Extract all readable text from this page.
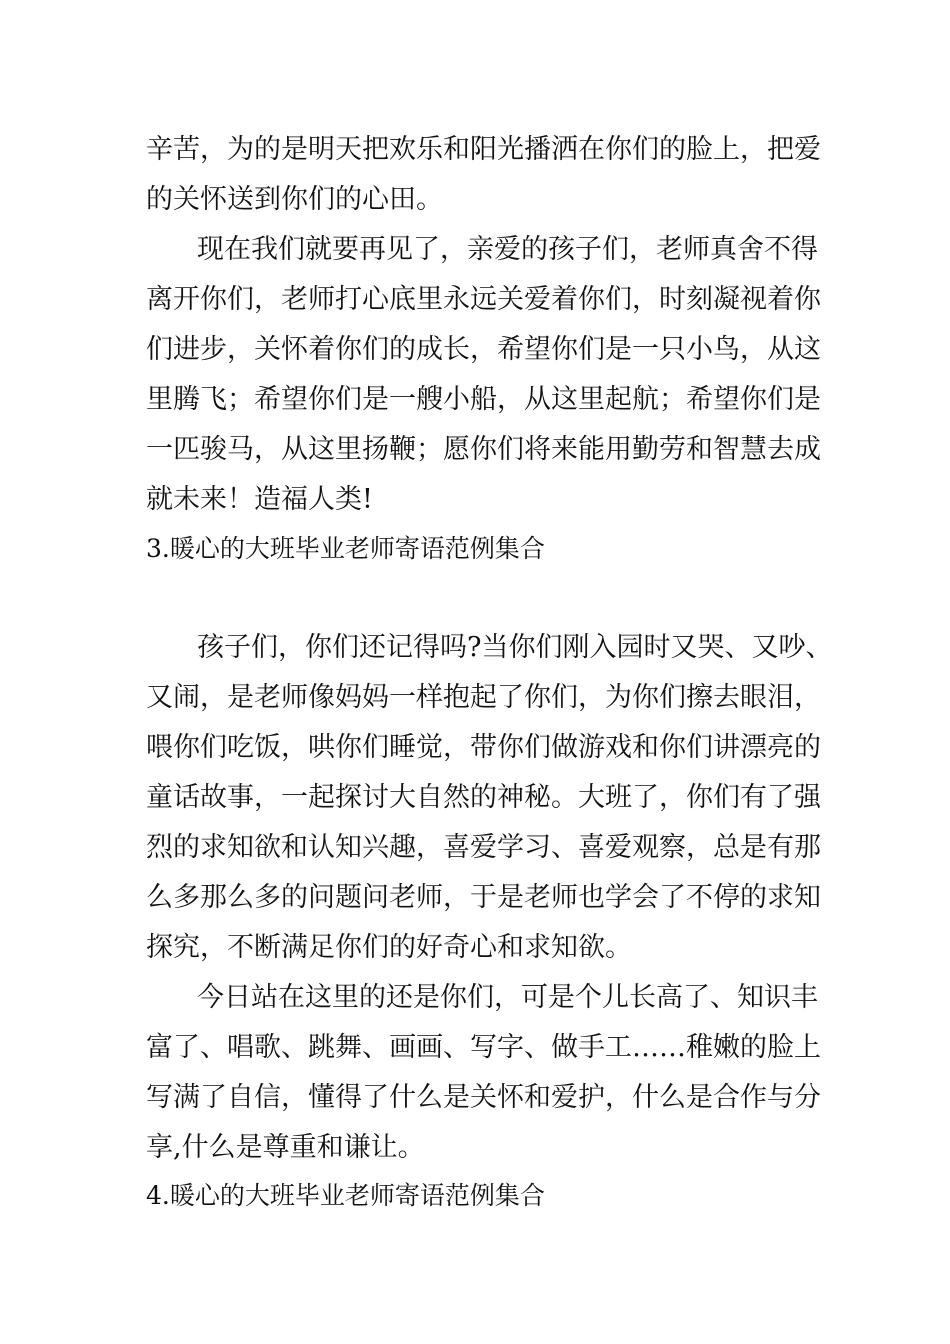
辛苦，为的是明天把欢乐和阳光播洒在你们的脸上，把爱
的关怀送到你们的心田。
现在我们就要再见了，亲爱的孩子们，老师真舍不得
离开你们，老师打心底里永远关爱着你们，时刻凝视着你
们进步，关怀着你们的成长，希望你们是一只小鸟，从这
里腾飞；希望你们是一艘小船，从这里起航；希望你们是
一匹骏马，从这里扬鞭；愿你们将来能用勤劳和智慧去成
就未来！造福人类!
3.暖心的大班毕业老师寄语范例集合
孩子们，你们还记得吗?当你们刚入园时又哭、又吵、
又闹，是老师像妈妈一样抱起了你们，为你们擦去眼泪，
喂你们吃饭，哄你们睡觉，带你们做游戏和你们讲漂亮的
童话故事，一起探讨大自然的神秘。大班了，你们有了强
烈的求知欲和认知兴趣，喜爱学习、喜爱观察，总是有那
么多那么多的问题问老师，于是老师也学会了不停的求知
探究，不断满足你们的好奇心和求知欲。
今日站在这里的还是你们，可是个儿长高了、知识丰
富了、唱歌、跳舞、画画、写字、做手工……稚嫩的脸上
写满了自信，懂得了什么是关怀和爱护，什么是合作与分
享,什么是尊重和谦让。
4.暖心的大班毕业老师寄语范例集合
